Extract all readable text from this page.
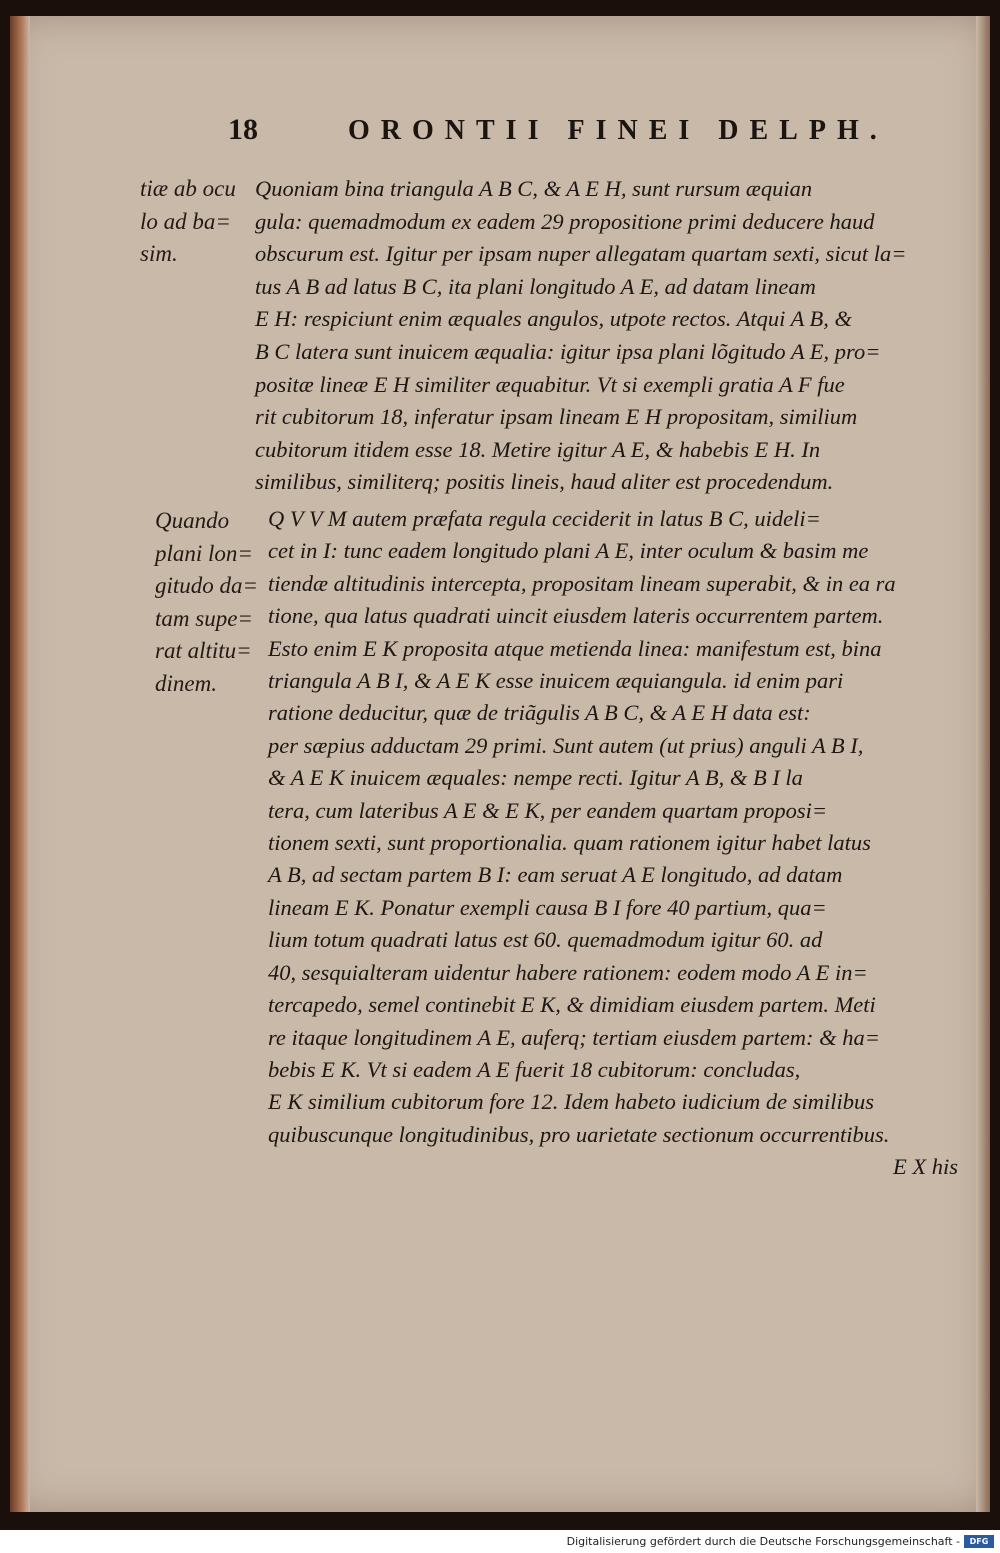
18	ORONTII FINEI DELPH.
tiæ ab ocu
lo ad ba=
sim.
Quando
plani lon=
gitudo da=
tam supe=
rat altitu=
dinem.
Quoniam bina triangula A B C, & A E H, sunt rursum æquian
gula: quemadmodum ex eadem 29 propositione primi deducere haud
obscurum est. Igitur per ipsam nuper allegatam quartam sexti, sicut la=
tus A B ad latus B C, ita plani longitudo A E, ad datam lineam
E H: respiciunt enim æquales angulos, utpote rectos. Atqui A B, &
B C latera sunt inuicem æqualia: igitur ipsa plani lõgitudo A E, pro=
positæ lineæ E H similiter æquabitur. Vt si exempli gratia A F fue
rit cubitorum 18, inferatur ipsam lineam E H propositam, similium
cubitorum itidem esse 18. Metire igitur A E, & habebis E H. In
similibus, similiterq; positis lineis, haud aliter est procedendum.
Q V V M autem præfata regula ceciderit in latus B C, uideli=
cet in I: tunc eadem longitudo plani A E, inter oculum & basim me
tiendæ altitudinis intercepta, propositam lineam superabit, & in ea ra
tione, qua latus quadrati uincit eiusdem lateris occurrentem partem.
Esto enim E K proposita atque metienda linea: manifestum est, bina
triangula A B I, & A E K esse inuicem æquiangula. id enim pari
ratione deducitur, quæ de triãgulis A B C, & A E H data est:
per sæpius adductam 29 primi. Sunt autem (ut prius) anguli A B I,
& A E K inuicem æquales: nempe recti. Igitur A B, & B I la
tera, cum lateribus A E & E K, per eandem quartam proposi=
tionem sexti, sunt proportionalia. quam rationem igitur habet latus
A B, ad sectam partem B I: eam seruat A E longitudo, ad datam
lineam E K. Ponatur exempli causa B I fore 40 partium, qua=
lium totum quadrati latus est 60. quemadmodum igitur 60. ad
40, sesquialteram uidentur habere rationem: eodem modo A E in=
tercapedo, semel continebit E K, & dimidiam eiusdem partem. Meti
re itaque longitudinem A E, auferq; tertiam eiusdem partem: & ha=
bebis E K. Vt si eadem A E fuerit 18 cubitorum: concludas,
E K similium cubitorum fore 12. Idem habeto iudicium de similibus
quibuscunque longitudinibus, pro uarietate sectionum occurrentibus.
E X his
Digitalisierung gefördert durch die Deutsche Forschungsgemeinschaft -	DFG
